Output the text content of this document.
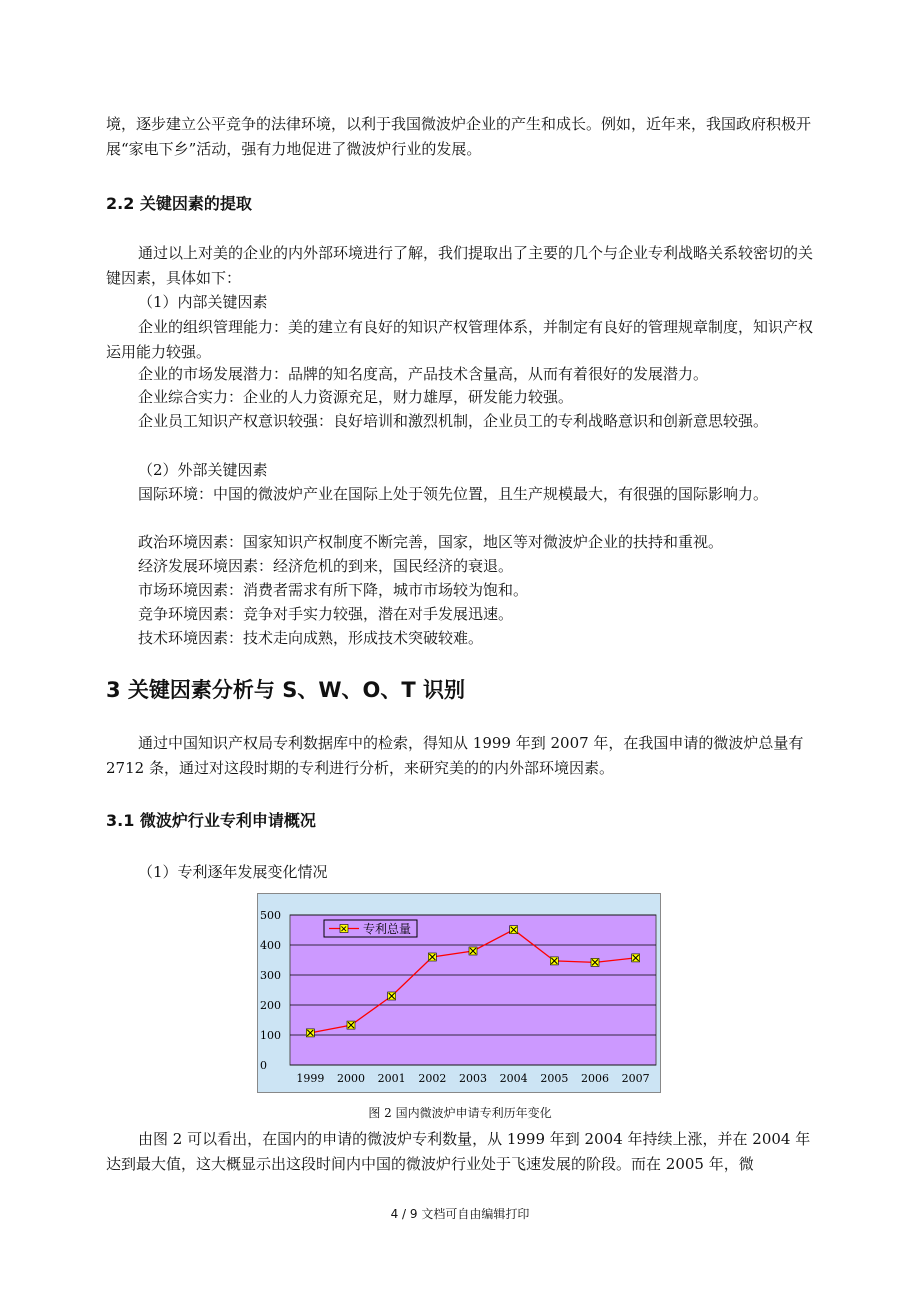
境，逐步建立公平竞争的法律环境，以利于我国微波炉企业的产生和成长。例如，近年来，我国政府积极开展“家电下乡”活动，强有力地促进了微波炉行业的发展。

2.2 关键因素的提取

通过以上对美的企业的内外部环境进行了解，我们提取出了主要的几个与企业专利战略关系较密切的关键因素，具体如下：

（1）内部关键因素

企业的组织管理能力：美的建立有良好的知识产权管理体系，并制定有良好的管理规章制度，知识产权运用能力较强。

企业的市场发展潜力：品牌的知名度高，产品技术含量高，从而有着很好的发展潜力。

企业综合实力：企业的人力资源充足，财力雄厚，研发能力较强。

企业员工知识产权意识较强：良好培训和激烈机制，企业员工的专利战略意识和创新意思较强。

（2）外部关键因素

国际环境：中国的微波炉产业在国际上处于领先位置，且生产规模最大，有很强的国际影响力。

政治环境因素：国家知识产权制度不断完善，国家，地区等对微波炉企业的扶持和重视。

经济发展环境因素：经济危机的到来，国民经济的衰退。

市场环境因素：消费者需求有所下降，城市市场较为饱和。

竞争环境因素：竞争对手实力较强，潜在对手发展迅速。

技术环境因素：技术走向成熟，形成技术突破较难。

3 关键因素分析与 S、W、O、T 识别

通过中国知识产权局专利数据库中的检索，得知从 1999 年到 2007 年，在我国申请的微波炉总量有 2712 条，通过对这段时期的专利进行分析，来研究美的的内外部环境因素。

3.1 微波炉行业专利申请概况

（1）专利逐年发展变化情况

0
100
200
300
400
500
1999 2000 2001 2002 2003 2004 2005 2006 2007
✕ 专利总量

图 2 国内微波炉申请专利历年变化

由图 2 可以看出，在国内的申请的微波炉专利数量，从 1999 年到 2004 年持续上涨，并在 2004 年达到最大值，这大概显示出这段时间内中国的微波炉行业处于飞速发展的阶段。而在 2005 年，微

4 / 9 文档可自由编辑打印
